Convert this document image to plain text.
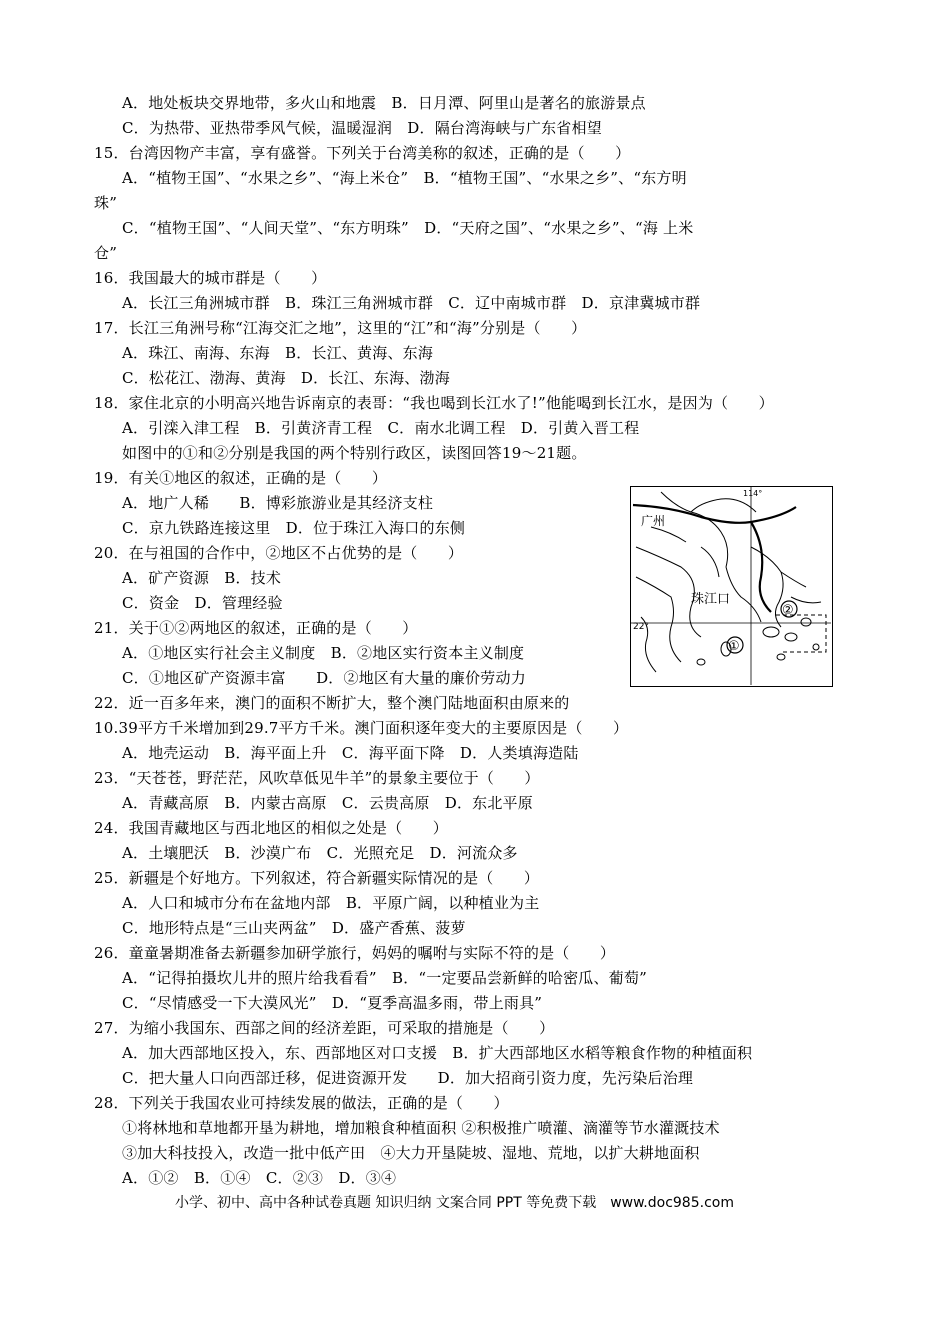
A．地处板块交界地带，多火山和地震　B．日月潭、阿里山是著名的旅游景点
C．为热带、亚热带季风气候，温暖湿润　D．隔台湾海峡与广东省相望
15．台湾因物产丰富，享有盛誉。下列关于台湾美称的叙述，正确的是（　　）
A．“植物王国”、“水果之乡”、“海上米仓”　B．“植物王国”、“水果之乡”、“东方明
珠”
C．“植物王国”、“人间天堂”、“东方明珠”　D．“天府之国”、“水果之乡”、“海 上米
仓”
16．我国最大的城市群是（　　）
A．长江三角洲城市群　B．珠江三角洲城市群　C．辽中南城市群　D．京津冀城市群
17．长江三角洲号称“江海交汇之地”，这里的“江”和“海”分别是（　　）
A．珠江、南海、东海　B．长江、黄海、东海
C．松花江、渤海、黄海　D．长江、东海、渤海
18．家住北京的小明高兴地告诉南京的表哥：“我也喝到长江水了!”他能喝到长江水，是因为（　　）
A．引滦入津工程　B．引黄济青工程　C．南水北调工程　D．引黄入晋工程
如图中的①和②分别是我国的两个特别行政区，读图回答19～21题。
19．有关①地区的叙述，正确的是（　　）
A．地广人稀　　B．博彩旅游业是其经济支柱
C．京九铁路连接这里　D．位于珠江入海口的东侧
20．在与祖国的合作中，②地区不占优势的是（　　）
A．矿产资源　B．技术
C．资金　D．管理经验
21．关于①②两地区的叙述，正确的是（　　）
A．①地区实行社会主义制度　B．②地区实行资本主义制度
C．①地区矿产资源丰富　　D．②地区有大量的廉价劳动力
22．近一百多年来，澳门的面积不断扩大，整个澳门陆地面积由原来的
10.39平方千米增加到29.7平方千米。澳门面积逐年变大的主要原因是（　　）
A．地壳运动　B．海平面上升　C．海平面下降　D．人类填海造陆
23．“天苍苍，野茫茫，风吹草低见牛羊”的景象主要位于（　　）
A．青藏高原　B．内蒙古高原　C．云贵高原　D．东北平原
24．我国青藏地区与西北地区的相似之处是（　　）
A．土壤肥沃　B．沙漠广布　C．光照充足　D．河流众多
25．新疆是个好地方。下列叙述，符合新疆实际情况的是（　　）
A．人口和城市分布在盆地内部　B．平原广阔，以种植业为主
C．地形特点是“三山夹两盆”　D．盛产香蕉、菠萝
26．童童暑期准备去新疆参加研学旅行，妈妈的嘱咐与实际不符的是（　　）
A．“记得拍摄坎儿井的照片给我看看”　B．“一定要品尝新鲜的哈密瓜、葡萄”
C．“尽情感受一下大漠风光”　D．“夏季高温多雨，带上雨具”
27．为缩小我国东、西部之间的经济差距，可采取的措施是（　　）
A．加大西部地区投入，东、西部地区对口支援　B．扩大西部地区水稻等粮食作物的种植面积
C．把大量人口向西部迁移，促进资源开发　　D．加大招商引资力度，先污染后治理
28．下列关于我国农业可持续发展的做法，正确的是（　　）
①将林地和草地都开垦为耕地，增加粮食种植面积 ②积极推广喷灌、滴灌等节水灌溉技术
③加大科技投入，改造一批中低产田　④大力开垦陡坡、湿地、荒地，以扩大耕地面积
A．①②　B．①④　C．②③　D．③④
广州
珠江口
114°
22°
①
②
小学、初中、高中各种试卷真题 知识归纳 文案合同 PPT 等免费下载　www.doc985.com
